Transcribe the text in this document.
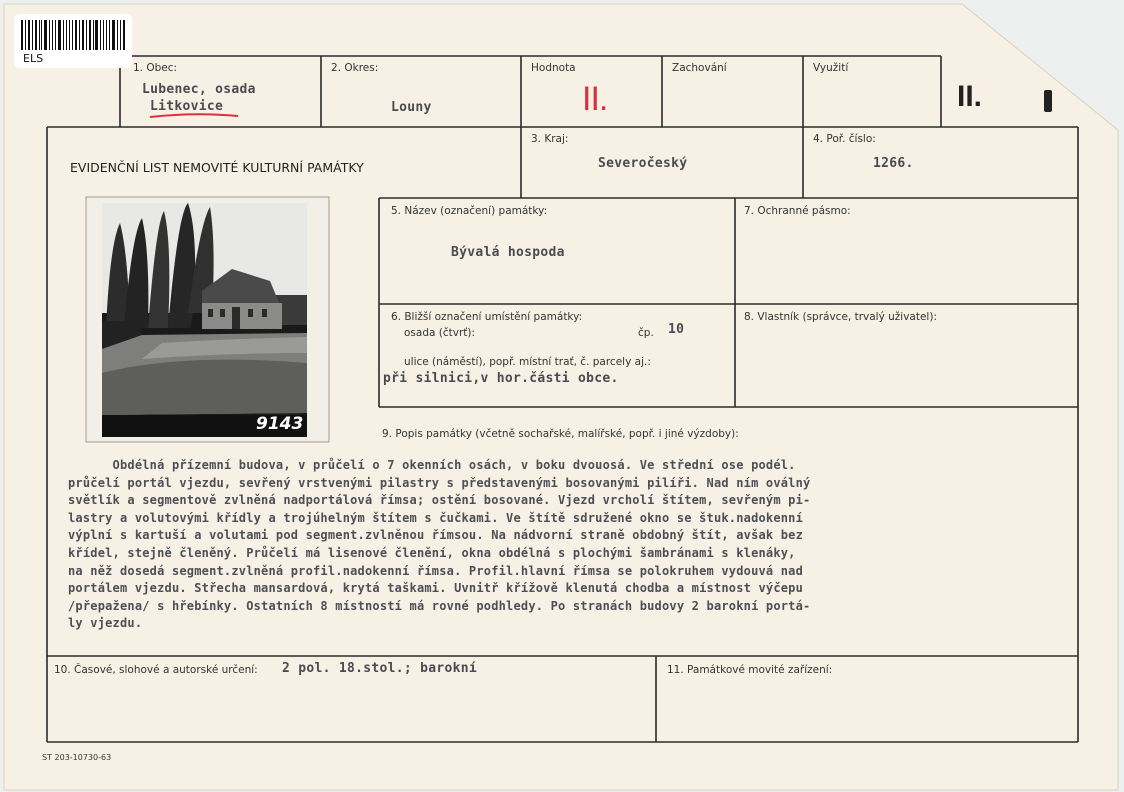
ELS
1. Obec:
Lubenec, osada
Litkovice
2. Okres:
Louny
Hodnota
II.
Zachování	Využití
II.
EVIDENČNÍ LIST NEMOVITÉ KULTURNÍ PAMÁTKY
3. Kraj:
Severočeský
4. Poř. číslo:
1266.
9143
5. Název (označení) památky:
Bývalá hospoda
7. Ochranné pásmo:
6. Bližší označení umístění památky:
osada (čtvrť):	čp. 10
ulice (náměstí), popř. místní trať, č. parcely aj.:
při silnici,v hor.části obce.
8. Vlastník (správce, trvalý uživatel):
9. Popis památky (včetně sochařské, malířské, popř. i jiné výzdoby):
Obdélná přízemní budova, v průčelí o 7 okenních osách, v boku dvouosá. Ve střední ose podél.
průčelí portál vjezdu, sevřený vrstvenými pilastry s představenými bosovanými pilíři. Nad ním oválný
světlík a segmentově zvlněná nadportálová římsa; ostění bosované. Vjezd vrcholí štítem, sevřeným pi-
lastry a volutovými křídly a trojúhelným štítem s čučkami. Ve štítě sdružené okno se štuk.nadokenní
výplní s kartuší a volutami pod segment.zvlněnou římsou. Na nádvorní straně obdobný štít, avšak bez
křídel, stejně členěný. Průčelí má lisenové členění, okna obdélná s plochými šambránami s klenáky,
na něž dosedá segment.zvlněná profil.nadokenní římsa. Profil.hlavní římsa se polokruhem vydouvá nad
portálem vjezdu. Střecha mansardová, krytá taškami. Uvnitř křížově klenutá chodba a místnost výčepu
/přepažena/ s hřebínky. Ostatních 8 místností má rovné podhledy. Po stranách budovy 2 barokní portá-
ly vjezdu.
10. Časové, slohové a autorské určení: 2 pol. 18.stol.; barokní	11. Památkové movité zařízení:
ST 203-10730-63
